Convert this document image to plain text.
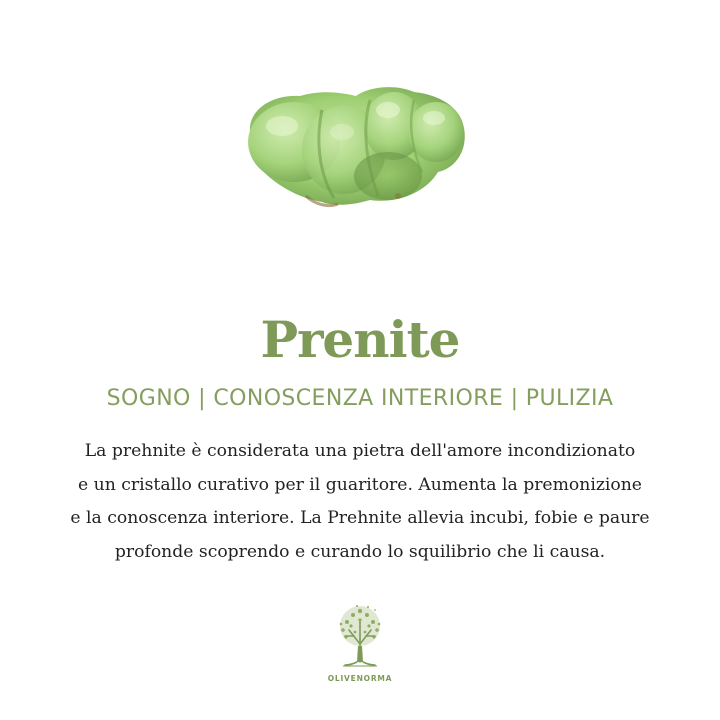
Prenite
SOGNO | CONOSCENZA INTERIORE | PULIZIA

La prehnite è considerata una pietra dell'amore incondizionato

e un cristallo curativo per il guaritore. Aumenta la premonizione

e la conoscenza interiore. La Prehnite allevia incubi, fobie e paure

profonde scoprendo e curando lo squilibrio che li causa.

OLIVENORMA
